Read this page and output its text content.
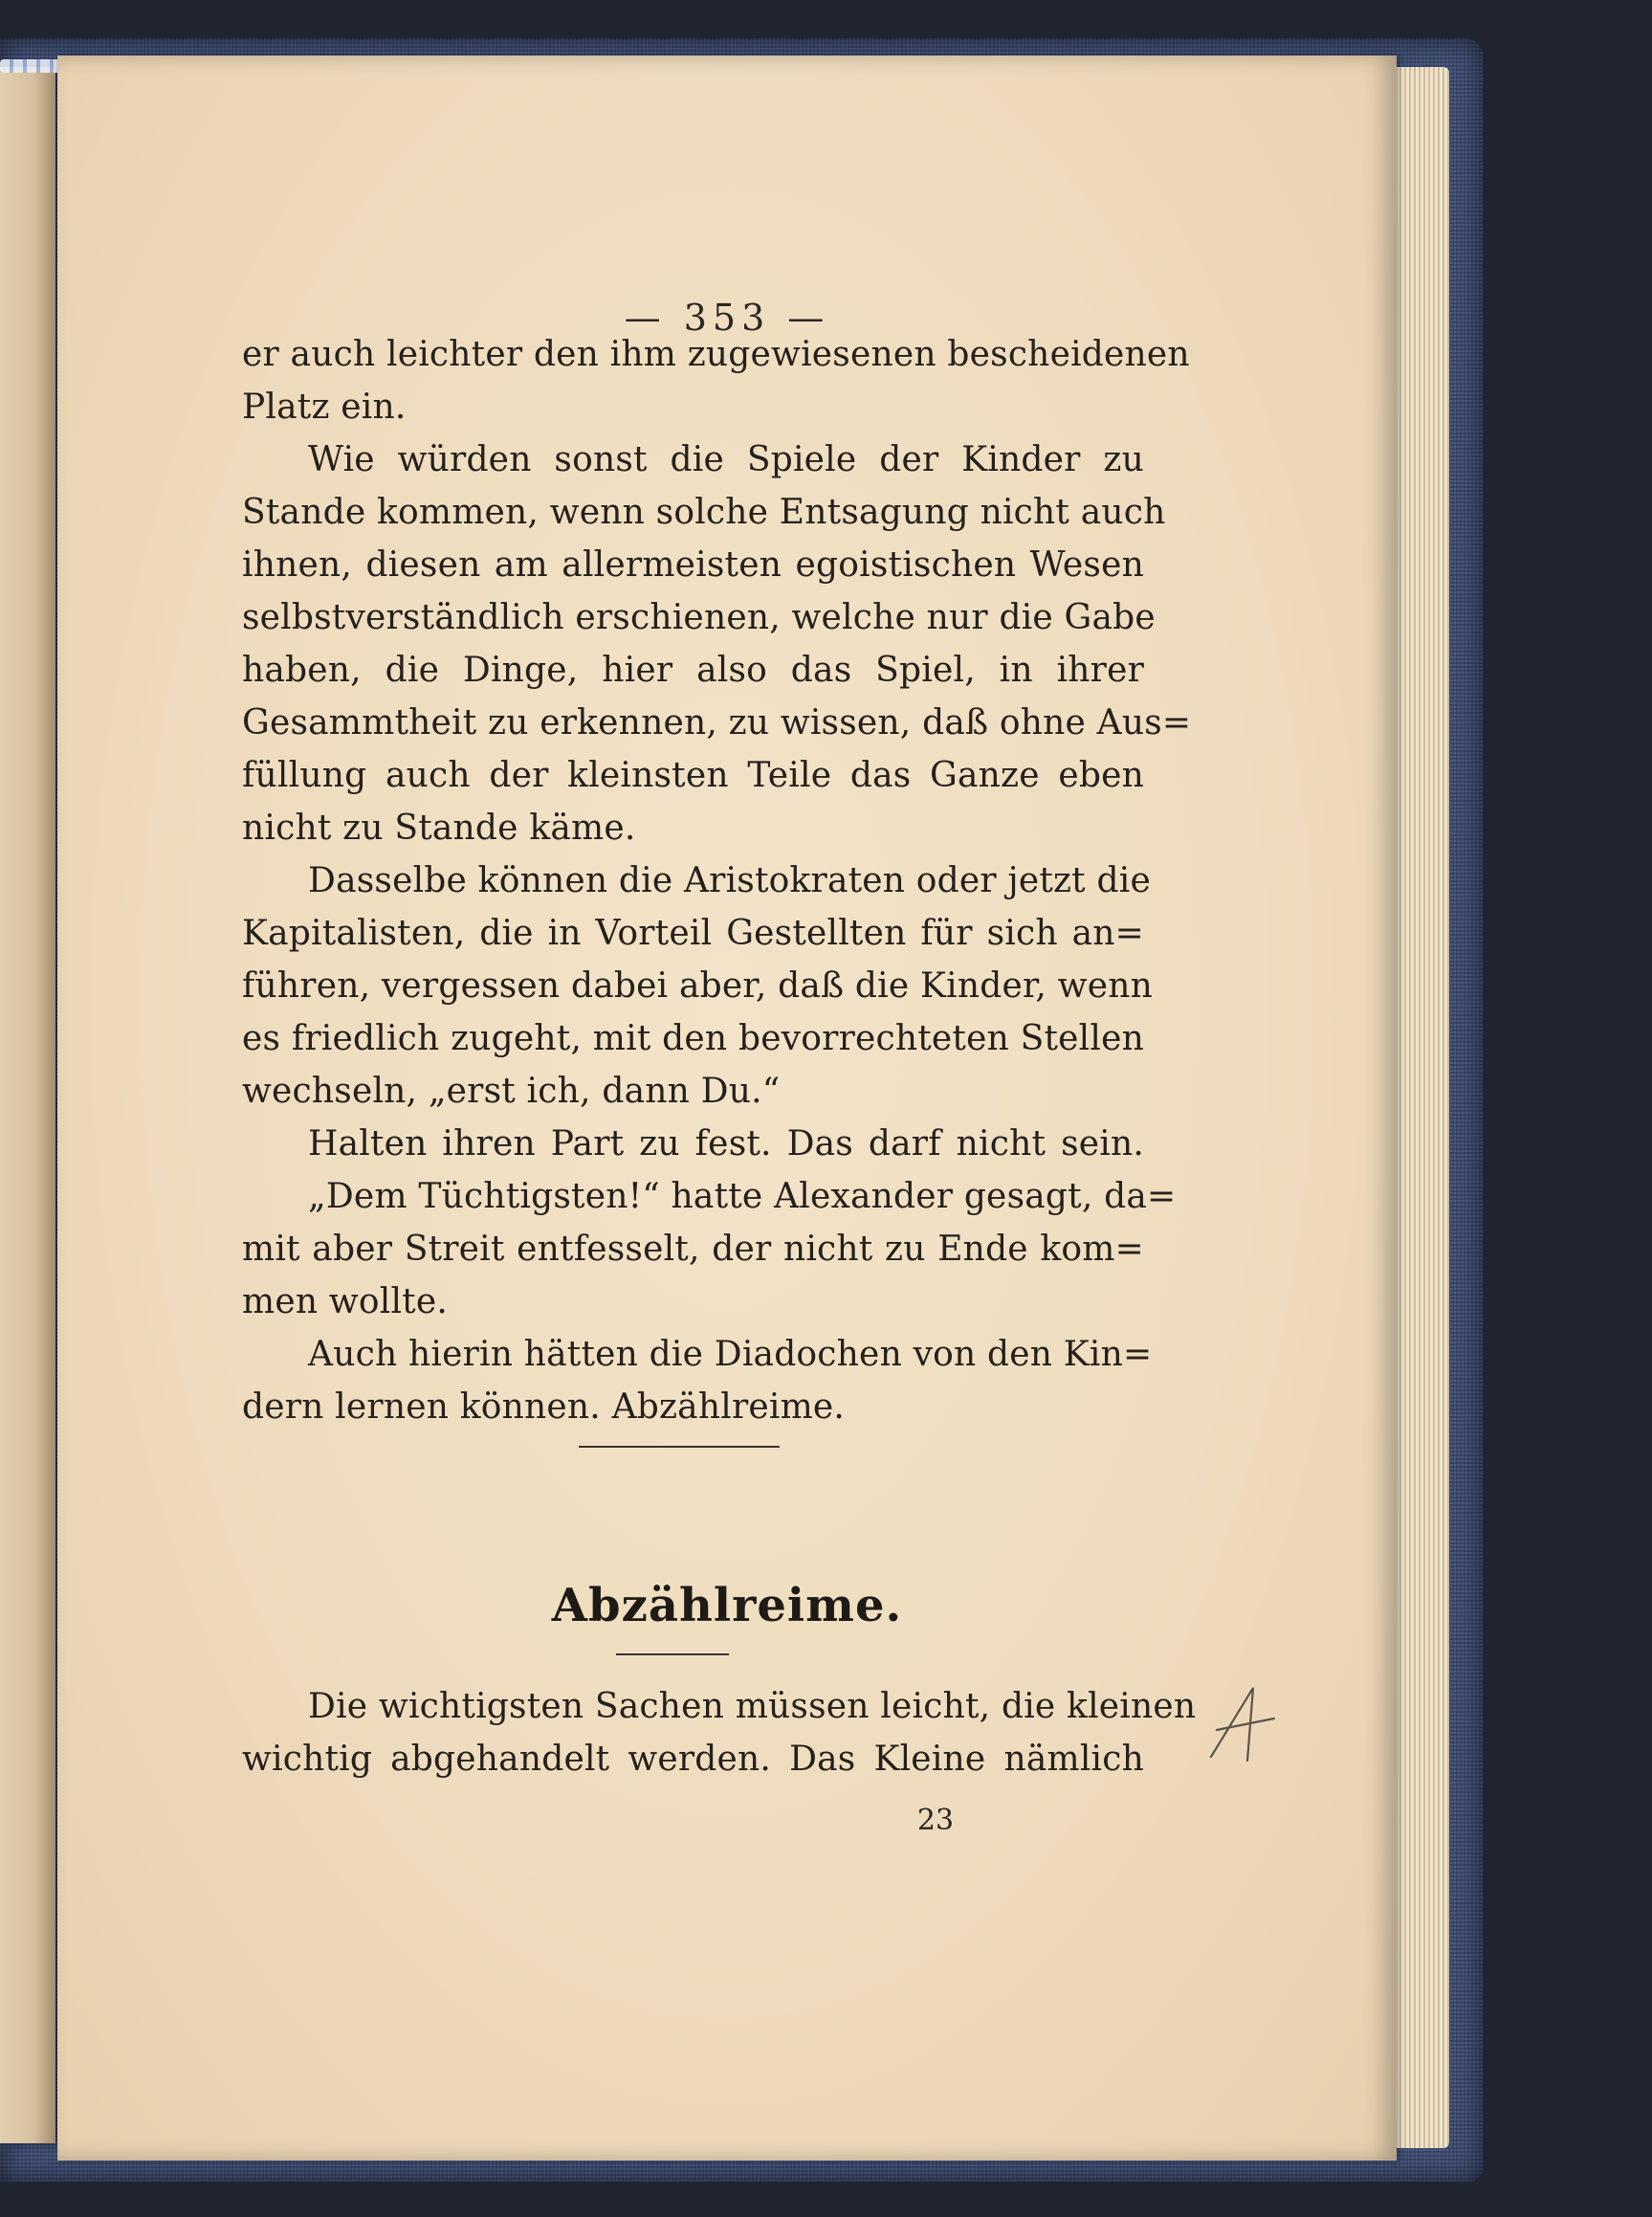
— 353 —
er auch leichter den ihm zugewiesenen bescheidenen
Platz ein.
Wie würden sonst die Spiele der Kinder zu
Stande kommen, wenn solche Entsagung nicht auch
ihnen, diesen am allermeisten egoistischen Wesen
selbstverständlich erschienen, welche nur die Gabe
haben, die Dinge, hier also das Spiel, in ihrer
Gesammtheit zu erkennen, zu wissen, daß ohne Aus=
füllung auch der kleinsten Teile das Ganze eben
nicht zu Stande käme.
Dasselbe können die Aristokraten oder jetzt die
Kapitalisten, die in Vorteil Gestellten für sich an=
führen, vergessen dabei aber, daß die Kinder, wenn
es friedlich zugeht, mit den bevorrechteten Stellen
wechseln, „erst ich, dann Du.“
Halten ihren Part zu fest. Das darf nicht sein.
„Dem Tüchtigsten!“ hatte Alexander gesagt, da=
mit aber Streit entfesselt, der nicht zu Ende kom=
men wollte.
Auch hierin hätten die Diadochen von den Kin=
dern lernen können. Abzählreime.
Abzählreime.
Die wichtigsten Sachen müssen leicht, die kleinen
wichtig abgehandelt werden. Das Kleine nämlich
23
